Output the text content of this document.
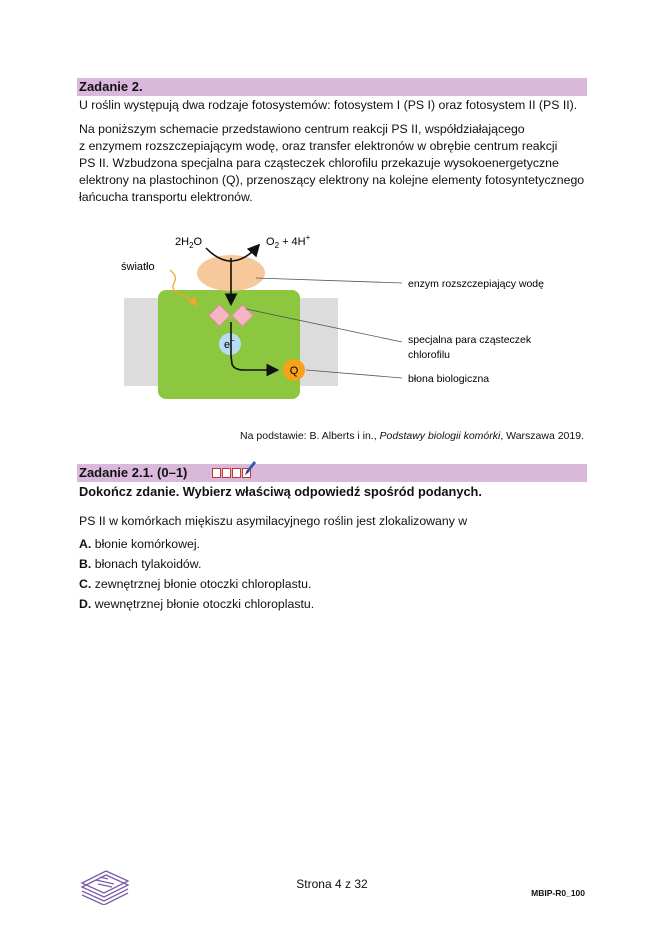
Zadanie 2.

U roślin występują dwa rodzaje fotosystemów: fotosystem I (PS I) oraz fotosystem II (PS II).

Na poniższym schemacie przedstawiono centrum reakcji PS II, współdziałającego

z enzymem rozszczepiającym wodę, oraz transfer elektronów w obrębie centrum reakcji

PS II. Wzbudzona specjalna para cząsteczek chlorofilu przekazuje wysokoenergetyczne

elektrony na plastochinon (Q), przenoszący elektrony na kolejne elementy fotosyntetycznego

łańcucha transportu elektronów.

światło
e−
Q
$2H_2O$	$O_2 + 4H^+$
enzym rozszczepiający wodę
specjalna para cząsteczek
chlorofilu
błona biologiczna
Na podstawie: B. Alberts i in., Podstawy biologii komórki, Warszawa 2019.
Zadanie 2.1. (0–1)

Dokończ zdanie. Wybierz właściwą odpowiedź spośród podanych.

PS II w komórkach miękiszu asymilacyjnego roślin jest zlokalizowany w

A. błonie komórkowej.
B. błonach tylakoidów.
C. zewnętrznej błonie otoczki chloroplastu.
D. wewnętrznej błonie otoczki chloroplastu.
Strona 4 z 32
MBIP-R0_100
